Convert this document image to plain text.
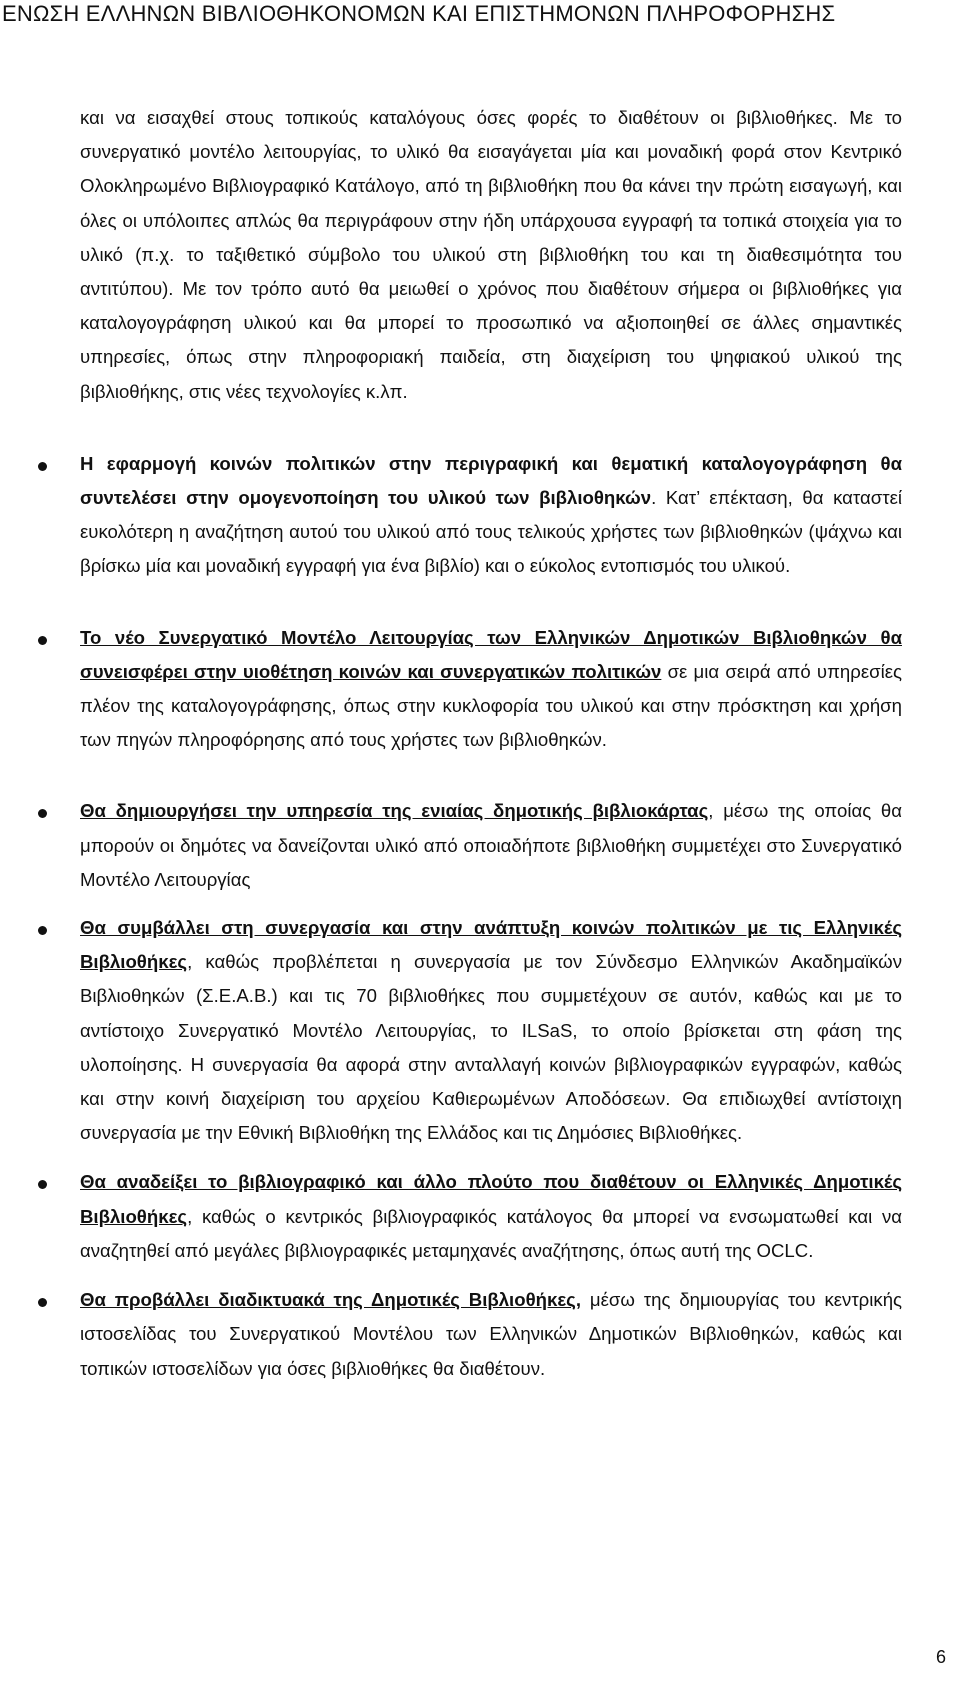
ΕΝΩΣΗ ΕΛΛΗΝΩΝ ΒΙΒΛΙΟΘΗΚΟΝΟΜΩΝ ΚΑΙ ΕΠΙΣΤΗΜΟΝΩΝ ΠΛΗΡΟΦΟΡΗΣΗΣ

και να εισαχθεί στους τοπικούς καταλόγους όσες φορές το διαθέτουν οι βιβλιοθήκες. Με το συνεργατικό μοντέλο λειτουργίας, το υλικό θα εισαγάγεται μία και μοναδική φορά στον Κεντρικό Ολοκληρωμένο Βιβλιογραφικό Κατάλογο, από τη βιβλιοθήκη που θα κάνει την πρώτη εισαγωγή, και όλες οι υπόλοιπες απλώς θα περιγράφουν στην ήδη υπάρχουσα εγγραφή τα τοπικά στοιχεία για το υλικό (π.χ. το ταξιθετικό σύμβολο του υλικού στη βιβλιοθήκη του και τη διαθεσιμότητα του αντιτύπου). Με τον τρόπο αυτό θα μειωθεί ο χρόνος που διαθέτουν σήμερα οι βιβλιοθήκες για καταλογογράφηση υλικού και θα μπορεί το προσωπικό να αξιοποιηθεί σε άλλες σημαντικές υπηρεσίες, όπως στην πληροφοριακή παιδεία, στη διαχείριση του ψηφιακού υλικού της βιβλιοθήκης, στις νέες τεχνολογίες κ.λπ.

Η εφαρμογή κοινών πολιτικών στην περιγραφική και θεματική καταλογογράφηση θα συντελέσει στην ομογενοποίηση του υλικού των βιβλιοθηκών. Κατ’ επέκταση, θα καταστεί ευκολότερη η αναζήτηση αυτού του υλικού από τους τελικούς χρήστες των βιβλιοθηκών (ψάχνω και βρίσκω μία και μοναδική εγγραφή για ένα βιβλίο) και ο εύκολος εντοπισμός του υλικού.
Το νέο Συνεργατικό Μοντέλο Λειτουργίας των Ελληνικών Δημοτικών Βιβλιοθηκών θα συνεισφέρει στην υιοθέτηση κοινών και συνεργατικών πολιτικών σε μια σειρά από υπηρεσίες πλέον της καταλογογράφησης, όπως στην κυκλοφορία του υλικού και στην πρόσκτηση και χρήση των πηγών πληροφόρησης από τους χρήστες των βιβλιοθηκών.
Θα δημιουργήσει την υπηρεσία της ενιαίας δημοτικής βιβλιοκάρτας, μέσω της οποίας θα μπορούν οι δημότες να δανείζονται υλικό από οποιαδήποτε βιβλιοθήκη συμμετέχει στο Συνεργατικό Μοντέλο Λειτουργίας
Θα συμβάλλει στη συνεργασία και στην ανάπτυξη κοινών πολιτικών με τις Ελληνικές Βιβλιοθήκες, καθώς προβλέπεται η συνεργασία με τον Σύνδεσμο Ελληνικών Ακαδημαϊκών Βιβλιοθηκών (Σ.Ε.Α.Β.) και τις 70 βιβλιοθήκες που συμμετέχουν σε αυτόν, καθώς και με το αντίστοιχο Συνεργατικό Μοντέλο Λειτουργίας, το ILSaS, το οποίο βρίσκεται στη φάση της υλοποίησης. Η συνεργασία θα αφορά στην ανταλλαγή κοινών βιβλιογραφικών εγγραφών, καθώς και στην κοινή διαχείριση του αρχείου Καθιερωμένων Αποδόσεων. Θα επιδιωχθεί αντίστοιχη συνεργασία με την Εθνική Βιβλιοθήκη της Ελλάδος και τις Δημόσιες Βιβλιοθήκες.
Θα αναδείξει το βιβλιογραφικό και άλλο πλούτο που διαθέτουν οι Ελληνικές Δημοτικές Βιβλιοθήκες, καθώς ο κεντρικός βιβλιογραφικός κατάλογος θα μπορεί να ενσωματωθεί και να αναζητηθεί από μεγάλες βιβλιογραφικές μεταμηχανές αναζήτησης, όπως αυτή της OCLC.
Θα προβάλλει διαδικτυακά της Δημοτικές Βιβλιοθήκες, μέσω της δημιουργίας του κεντρικής ιστοσελίδας του Συνεργατικού Μοντέλου των Ελληνικών Δημοτικών Βιβλιοθηκών, καθώς και τοπικών ιστοσελίδων για όσες βιβλιοθήκες θα διαθέτουν.
6
